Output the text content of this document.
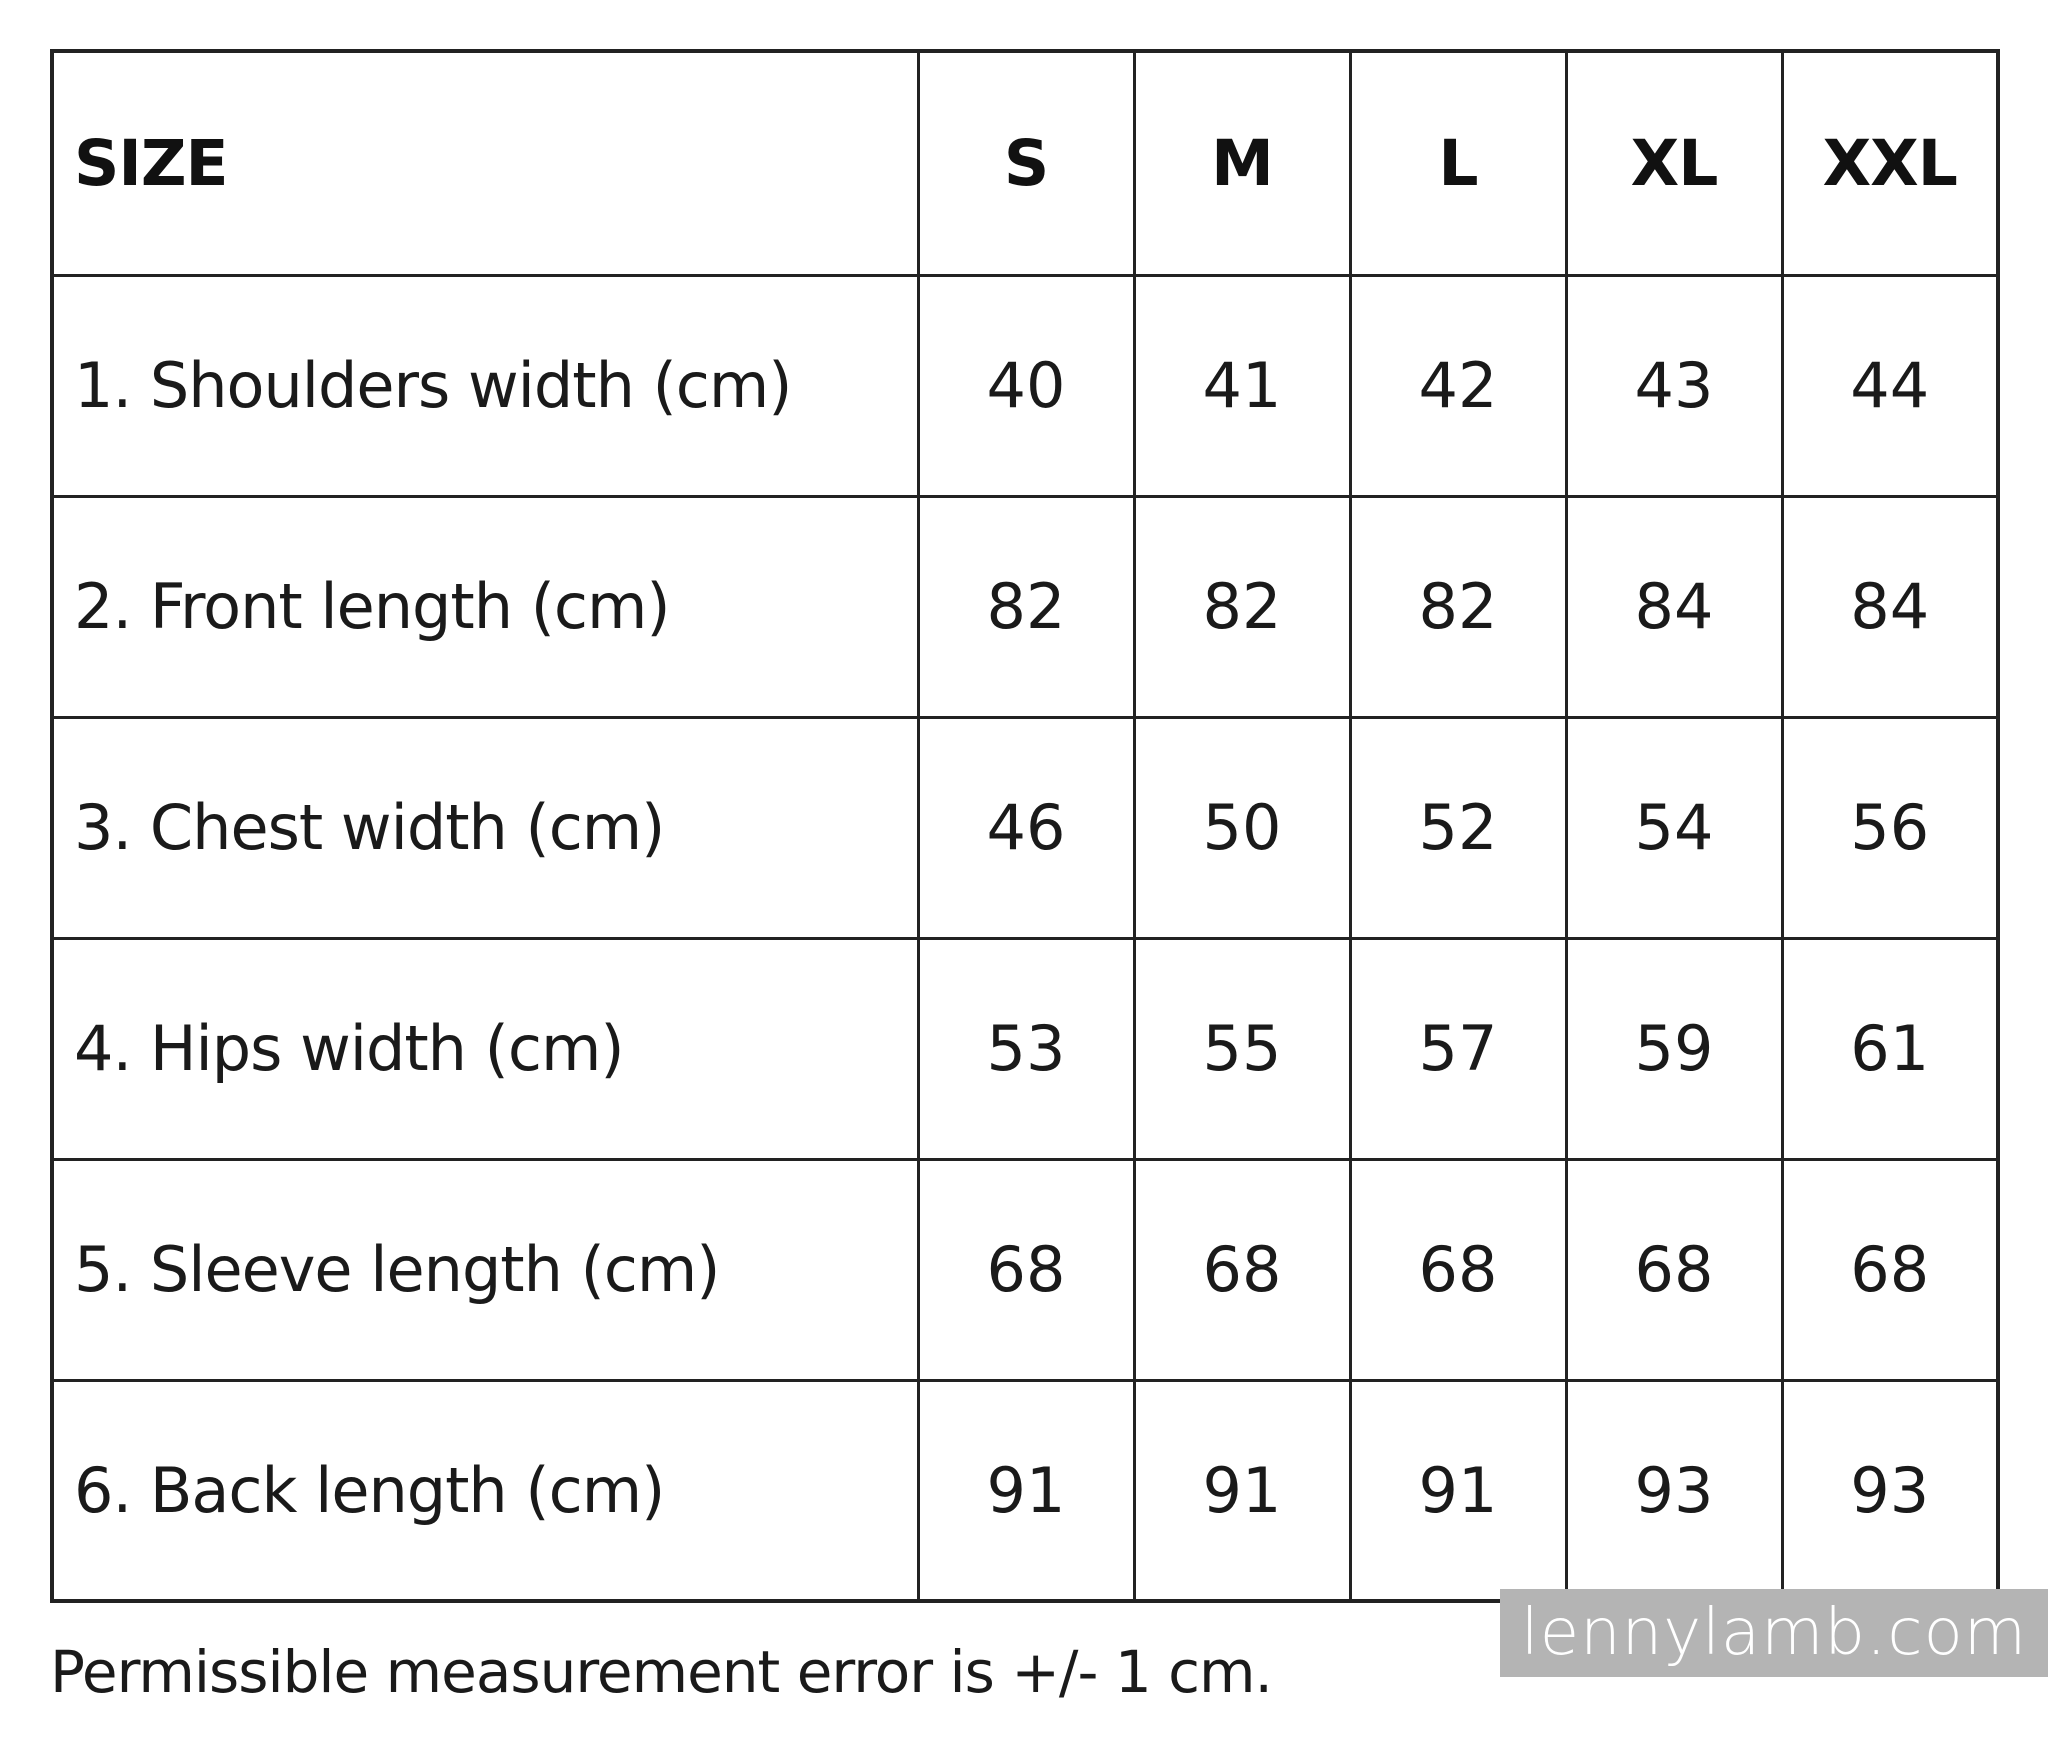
SIZE	S	M	L	XL	XXL
1. Shoulders width (cm)	40	41	42	43	44
2. Front length (cm)	82	82	82	84	84
3. Chest width (cm)	46	50	52	54	56
4. Hips width (cm)	53	55	57	59	61
5. Sleeve length (cm)	68	68	68	68	68
6. Back length (cm)	91	91	91	93	93
Permissible measurement error is +/- 1 cm.
lennylamb.com
